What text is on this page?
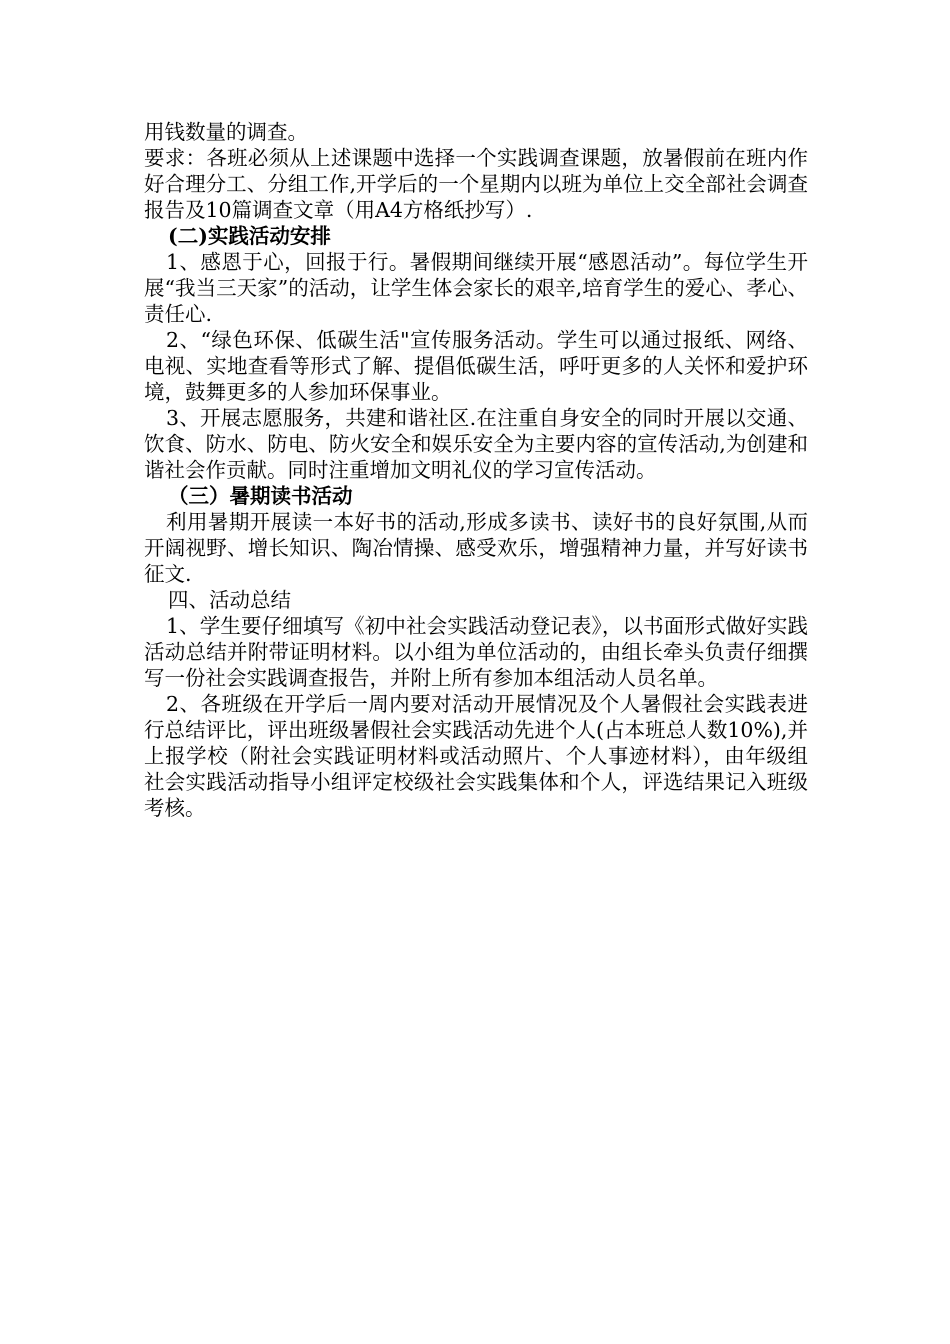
用钱数量的调查。

要求：各班必须从上述课题中选择一个实践调查课题，放暑假前在班内作好合理分工、分组工作,开学后的一个星期内以班为单位上交全部社会调查报告及10篇调查文章（用A4方格纸抄写）.

(二)实践活动安排

1、感恩于心，回报于行。暑假期间继续开展“感恩活动”。每位学生开展“我当三天家”的活动，让学生体会家长的艰辛,培育学生的爱心、孝心、责任心.

2、“绿色环保、低碳生活"宣传服务活动。学生可以通过报纸、网络、电视、实地查看等形式了解、提倡低碳生活，呼吁更多的人关怀和爱护环境，鼓舞更多的人参加环保事业。

3、开展志愿服务，共建和谐社区.在注重自身安全的同时开展以交通、饮食、防水、防电、防火安全和娱乐安全为主要内容的宣传活动,为创建和谐社会作贡献。同时注重增加文明礼仪的学习宣传活动。

（三）暑期读书活动

利用暑期开展读一本好书的活动,形成多读书、读好书的良好氛围,从而开阔视野、增长知识、陶冶情操、感受欢乐，增强精神力量，并写好读书征文.

四、活动总结

1、学生要仔细填写《初中社会实践活动登记表》，以书面形式做好实践活动总结并附带证明材料。以小组为单位活动的，由组长牵头负责仔细撰写一份社会实践调查报告，并附上所有参加本组活动人员名单。

2、各班级在开学后一周内要对活动开展情况及个人暑假社会实践表进行总结评比，评出班级暑假社会实践活动先进个人(占本班总人数10%),并上报学校（附社会实践证明材料或活动照片、个人事迹材料），由年级组社会实践活动指导小组评定校级社会实践集体和个人，评选结果记入班级考核。
